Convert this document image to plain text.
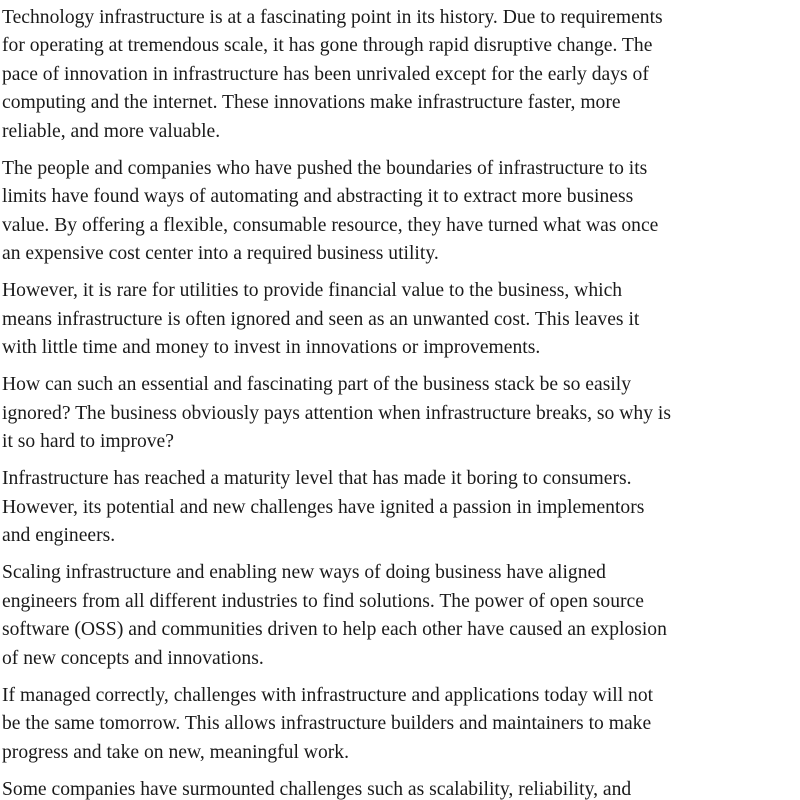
Technology infrastructure is at a fascinating point in its history. Due to requirements
for operating at tremendous scale, it has gone through rapid disruptive change. The
pace of innovation in infrastructure has been unrivaled except for the early days of
computing and the internet. These innovations make infrastructure faster, more
reliable, and more valuable.

The people and companies who have pushed the boundaries of infrastructure to its
limits have found ways of automating and abstracting it to extract more business
value. By offering a flexible, consumable resource, they have turned what was once
an expensive cost center into a required business utility.

However, it is rare for utilities to provide financial value to the business, which
means infrastructure is often ignored and seen as an unwanted cost. This leaves it
with little time and money to invest in innovations or improvements.

How can such an essential and fascinating part of the business stack be so easily
ignored? The business obviously pays attention when infrastructure breaks, so why is
it so hard to improve?

Infrastructure has reached a maturity level that has made it boring to consumers.
However, its potential and new challenges have ignited a passion in implementors
and engineers.

Scaling infrastructure and enabling new ways of doing business have aligned
engineers from all different industries to find solutions. The power of open source
software (OSS) and communities driven to help each other have caused an explosion
of new concepts and innovations.

If managed correctly, challenges with infrastructure and applications today will not
be the same tomorrow. This allows infrastructure builders and maintainers to make
progress and take on new, meaningful work.

Some companies have surmounted challenges such as scalability, reliability, and
